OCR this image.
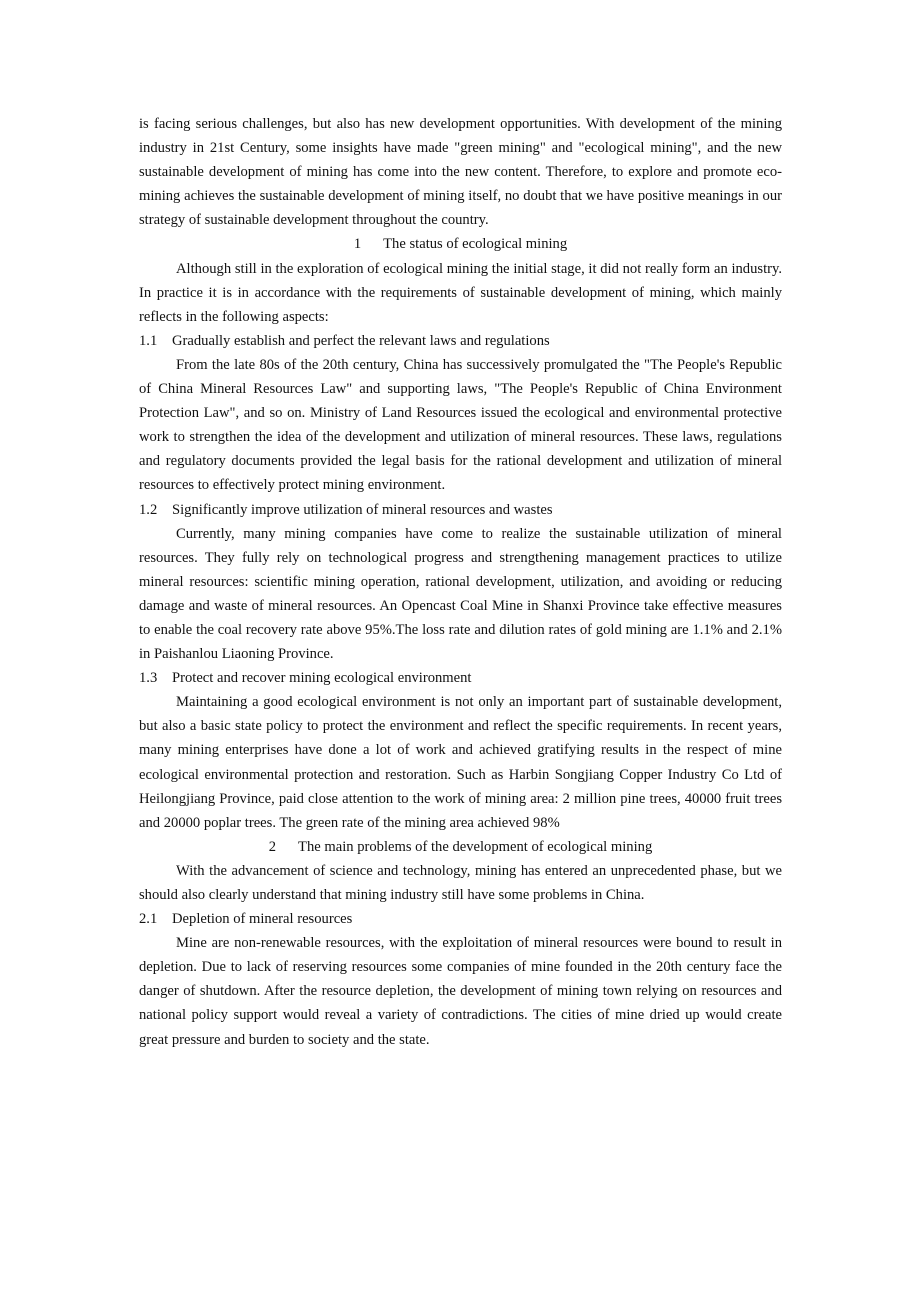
is facing serious challenges, but also has new development opportunities. With development of the mining industry in 21st Century, some insights have made "green mining" and "ecological mining", and the new sustainable development of mining has come into the new content. Therefore, to explore and promote eco-mining achieves the sustainable development of mining itself, no doubt that we have positive meanings in our strategy of sustainable development throughout the country.

1 The status of ecological mining

Although still in the exploration of ecological mining the initial stage, it did not really form an industry. In practice it is in accordance with the requirements of sustainable development of mining, which mainly reflects in the following aspects:

1.1 Gradually establish and perfect the relevant laws and regulations

From the late 80s of the 20th century, China has successively promulgated the "The People's Republic of China Mineral Resources Law" and supporting laws, "The People's Republic of China Environment Protection Law", and so on. Ministry of Land Resources issued the ecological and environmental protective work to strengthen the idea of the development and utilization of mineral resources. These laws, regulations and regulatory documents provided the legal basis for the rational development and utilization of mineral resources to effectively protect mining environment.

1.2 Significantly improve utilization of mineral resources and wastes

Currently, many mining companies have come to realize the sustainable utilization of mineral resources. They fully rely on technological progress and strengthening management practices to utilize mineral resources: scientific mining operation, rational development, utilization, and avoiding or reducing damage and waste of mineral resources. An Opencast Coal Mine in Shanxi Province take effective measures to enable the coal recovery rate above 95%.The loss rate and dilution rates of gold mining are 1.1% and 2.1% in Paishanlou Liaoning Province.

1.3 Protect and recover mining ecological environment

Maintaining a good ecological environment is not only an important part of sustainable development, but also a basic state policy to protect the environment and reflect the specific requirements. In recent years, many mining enterprises have done a lot of work and achieved gratifying results in the respect of mine ecological environmental protection and restoration. Such as Harbin Songjiang Copper Industry Co Ltd of Heilongjiang Province, paid close attention to the work of mining area: 2 million pine trees, 40000 fruit trees and 20000 poplar trees. The green rate of the mining area achieved 98%

2 The main problems of the development of ecological mining

With the advancement of science and technology, mining has entered an unprecedented phase, but we should also clearly understand that mining industry still have some problems in China.

2.1 Depletion of mineral resources

Mine are non-renewable resources, with the exploitation of mineral resources were bound to result in depletion. Due to lack of reserving resources some companies of mine founded in the 20th century face the danger of shutdown. After the resource depletion, the development of mining town relying on resources and national policy support would reveal a variety of contradictions. The cities of mine dried up would create great pressure and burden to society and the state.
